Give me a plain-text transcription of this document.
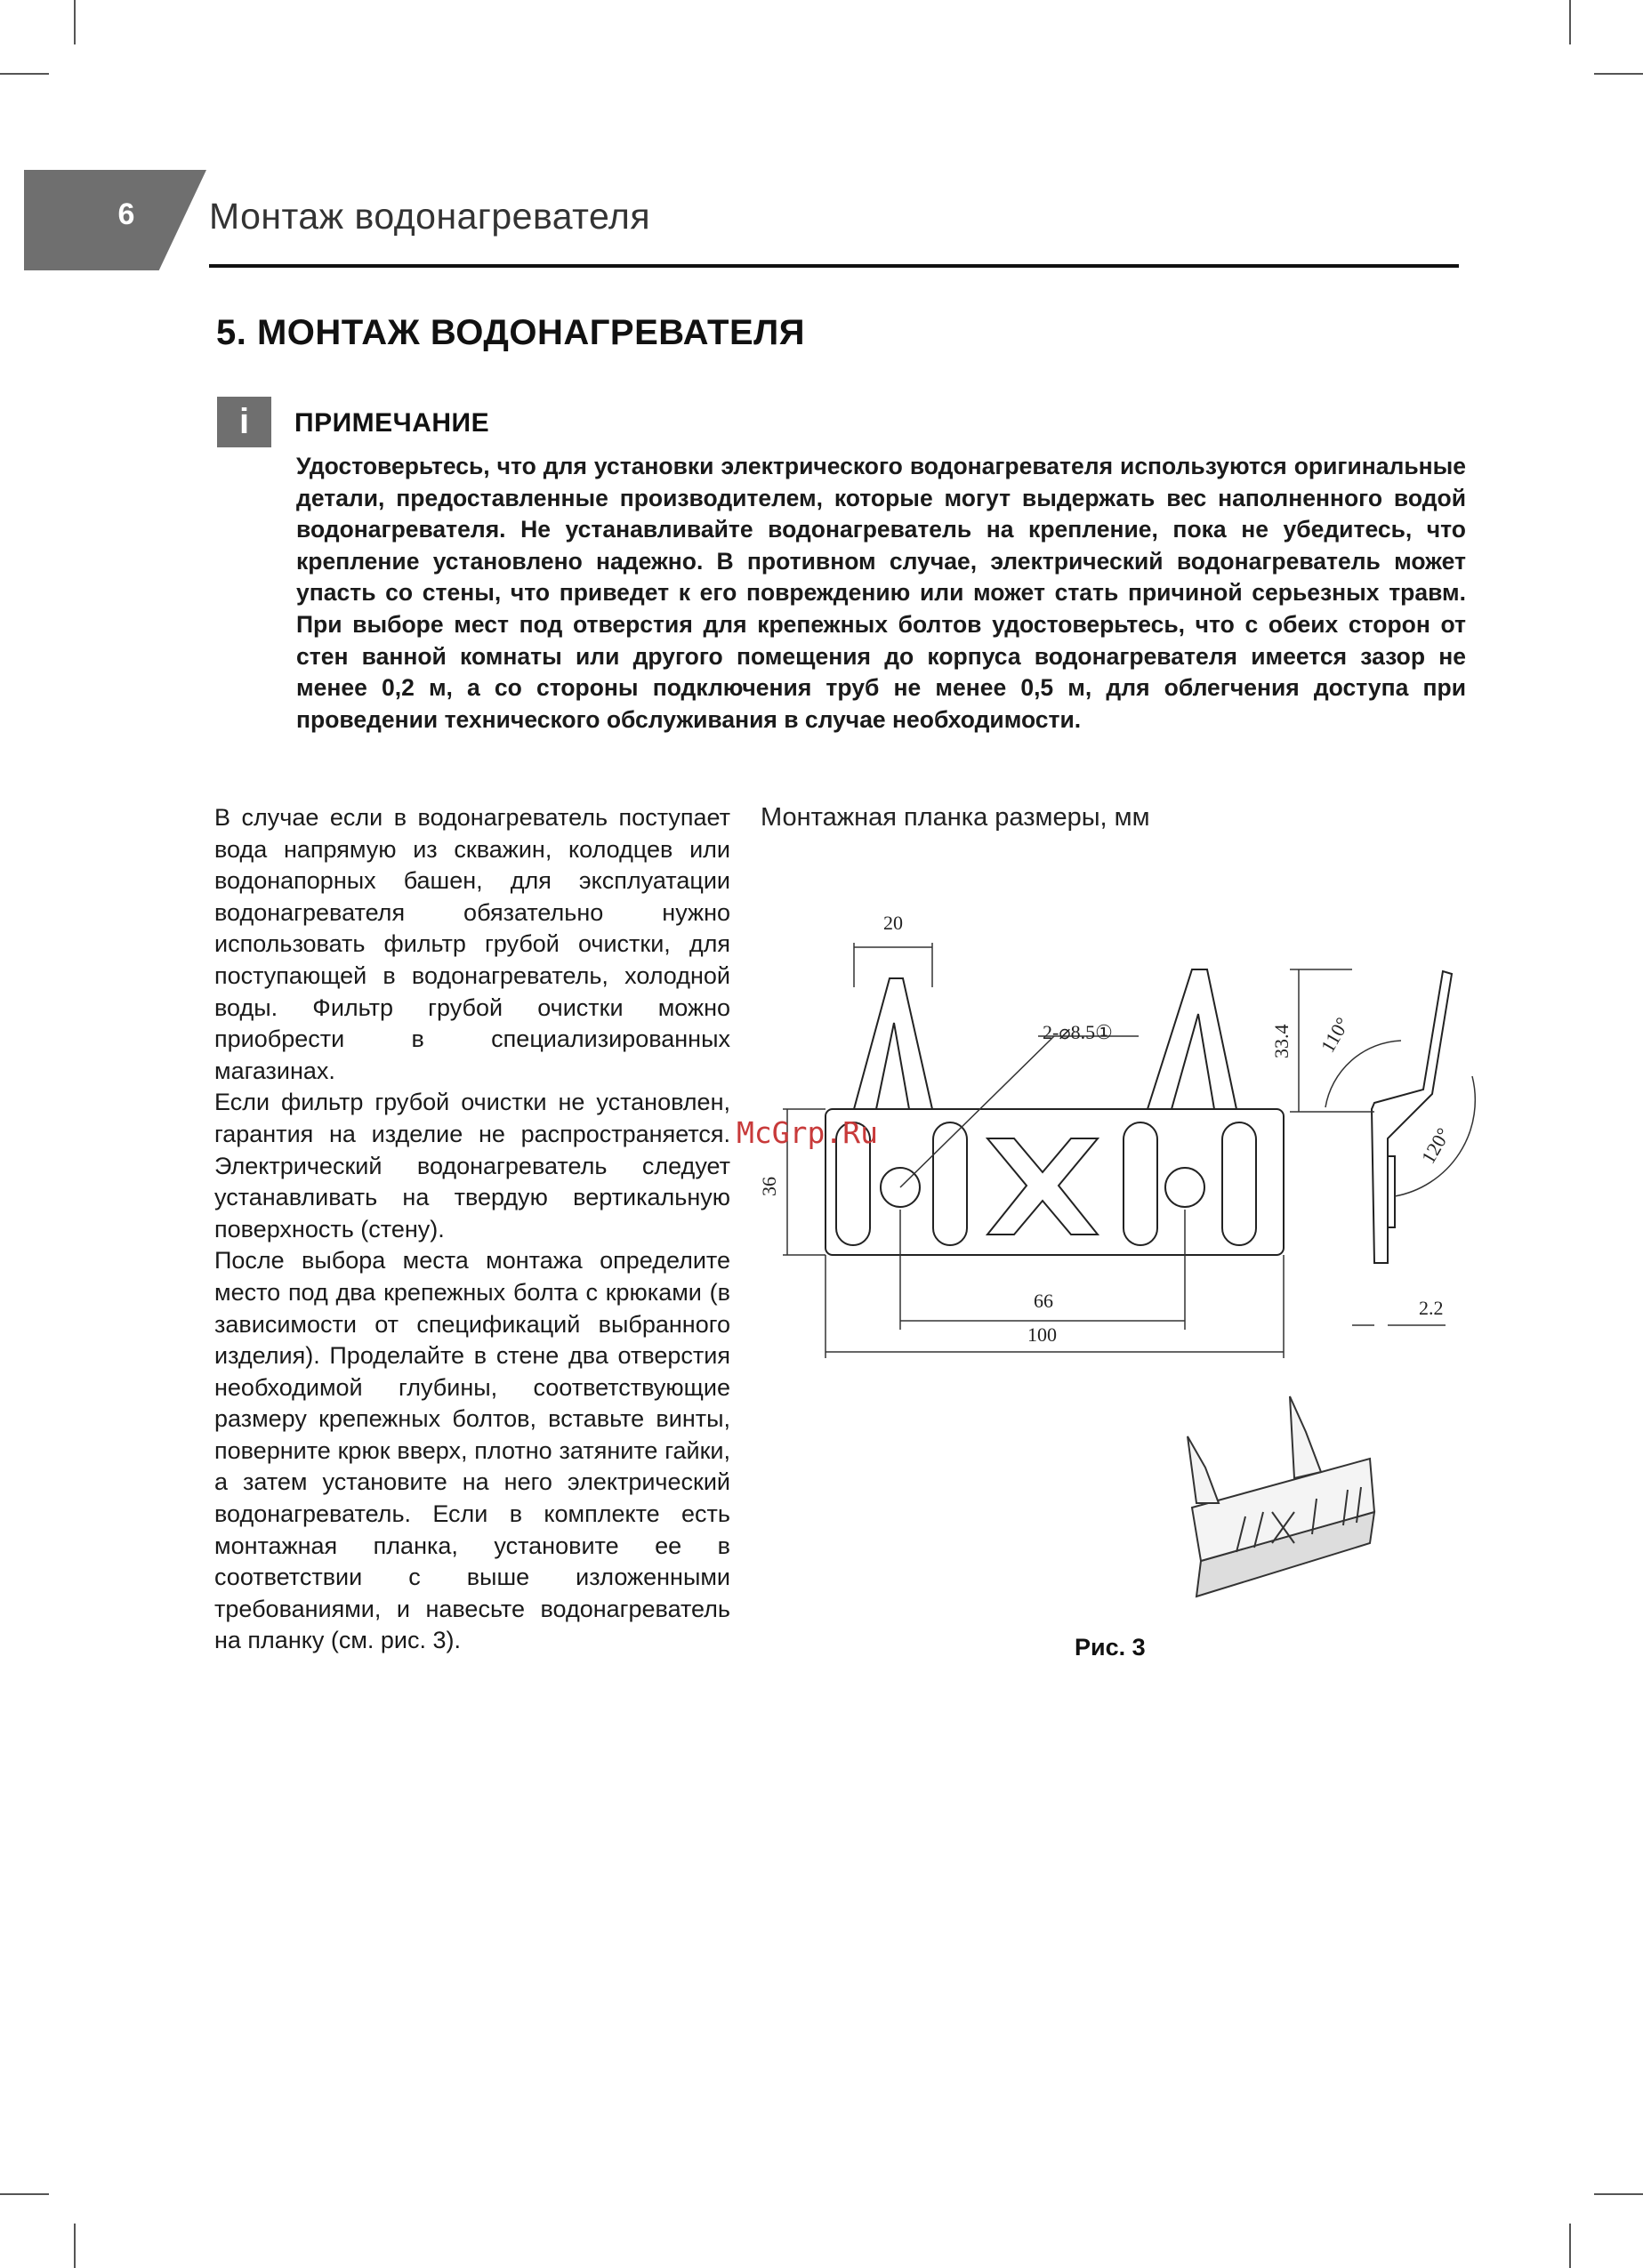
6	Монтаж водонагревателя
5. МОНТАЖ ВОДОНАГРЕВАТЕЛЯ
i	ПРИМЕЧАНИЕ
Удостоверьтесь, что для установки электрического водонагревателя используются оригинальные детали, предоставленные производителем, которые могут выдержать вес наполненного водой водонагревателя. Не устанавливайте водонагреватель на крепление, пока не убедитесь, что крепление установлено надежно. В противном случае, электрический водонагреватель может упасть со стены, что приведет к его повреждению или может стать причиной серьезных травм. При выборе мест под отверстия для крепежных болтов удостоверьтесь, что с обеих сторон от стен ванной комнаты или другого помещения до корпуса водонагревателя имеется зазор не менее 0,2 м, а со стороны подключения труб не менее 0,5 м, для облегчения доступа при проведении технического обслуживания в случае необходимости.

В случае если в водонагреватель поступает вода напрямую из скважин, колодцев или водонапорных башен, для эксплуатации водонагревателя обязательно нужно использовать фильтр грубой очистки, для поступающей в водонагреватель, холодной воды. Фильтр грубой очистки можно приобрести в специализированных магазинах.

Если фильтр грубой очистки не установлен, гарантия на изделие не распространяется. Электрический водонагреватель следует устанавливать на твердую вертикальную поверхность (стену).

После выбора места монтажа определите место под два крепежных болта с крюками (в зависимости от спецификаций выбранного изделия). Проделайте в стене два отверстия необходимой глубины, соответствующие размеру крепежных болтов, вставьте винты, поверните крюк вверх, плотно затяните гайки, а затем установите на него электрический водонагреватель. Если в комплекте есть монтажная планка, установите ее в соответствии с выше изложенными требованиями, и навесьте водонагреватель на планку (см. рис. 3).

Монтажная планка размеры, мм
20
2-⌀8.5①
36
66
100
33.4 110°
120°
2.2
McGrp.Ru
Рис. 3
